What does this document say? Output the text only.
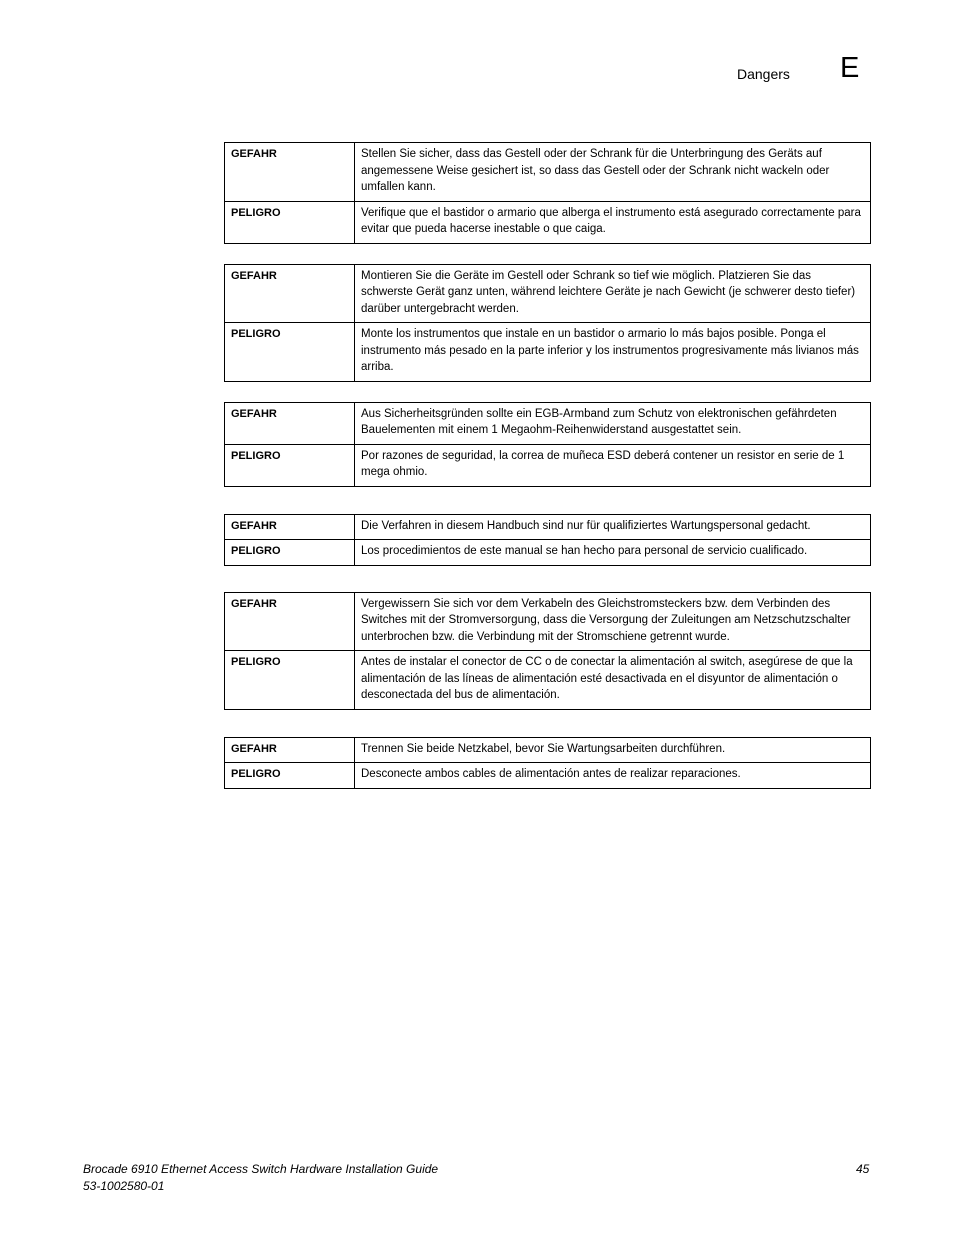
Dangers E
GEFAHR	Stellen Sie sicher, dass das Gestell oder der Schrank für die Unterbringung des Geräts auf angemessene Weise gesichert ist, so dass das Gestell oder der Schrank nicht wackeln oder umfallen kann.
PELIGRO	Verifique que el bastidor o armario que alberga el instrumento está asegurado correctamente para evitar que pueda hacerse inestable o que caiga.
GEFAHR	Montieren Sie die Geräte im Gestell oder Schrank so tief wie möglich. Platzieren Sie das schwerste Gerät ganz unten, während leichtere Geräte je nach Gewicht (je schwerer desto tiefer) darüber untergebracht werden.
PELIGRO	Monte los instrumentos que instale en un bastidor o armario lo más bajos posible. Ponga el instrumento más pesado en la parte inferior y los instrumentos progresivamente más livianos más arriba.
GEFAHR	Aus Sicherheitsgründen sollte ein EGB-Armband zum Schutz von elektronischen gefährdeten Bauelementen mit einem 1 Megaohm-Reihenwiderstand ausgestattet sein.
PELIGRO	Por razones de seguridad, la correa de muñeca ESD deberá contener un resistor en serie de 1 mega ohmio.
GEFAHR	Die Verfahren in diesem Handbuch sind nur für qualifiziertes Wartungspersonal gedacht.
PELIGRO	Los procedimientos de este manual se han hecho para personal de servicio cualificado.
GEFAHR	Vergewissern Sie sich vor dem Verkabeln des Gleichstromsteckers bzw. dem Verbinden des Switches mit der Stromversorgung, dass die Versorgung der Zuleitungen am Netzschutzschalter unterbrochen bzw. die Verbindung mit der Stromschiene getrennt wurde.
PELIGRO	Antes de instalar el conector de CC o de conectar la alimentación al switch, asegúrese de que la alimentación de las líneas de alimentación esté desactivada en el disyuntor de alimentación o desconectada del bus de alimentación.
GEFAHR	Trennen Sie beide Netzkabel, bevor Sie Wartungsarbeiten durchführen.
PELIGRO	Desconecte ambos cables de alimentación antes de realizar reparaciones.
Brocade 6910 Ethernet Access Switch Hardware Installation Guide
53-1002580-01
45
